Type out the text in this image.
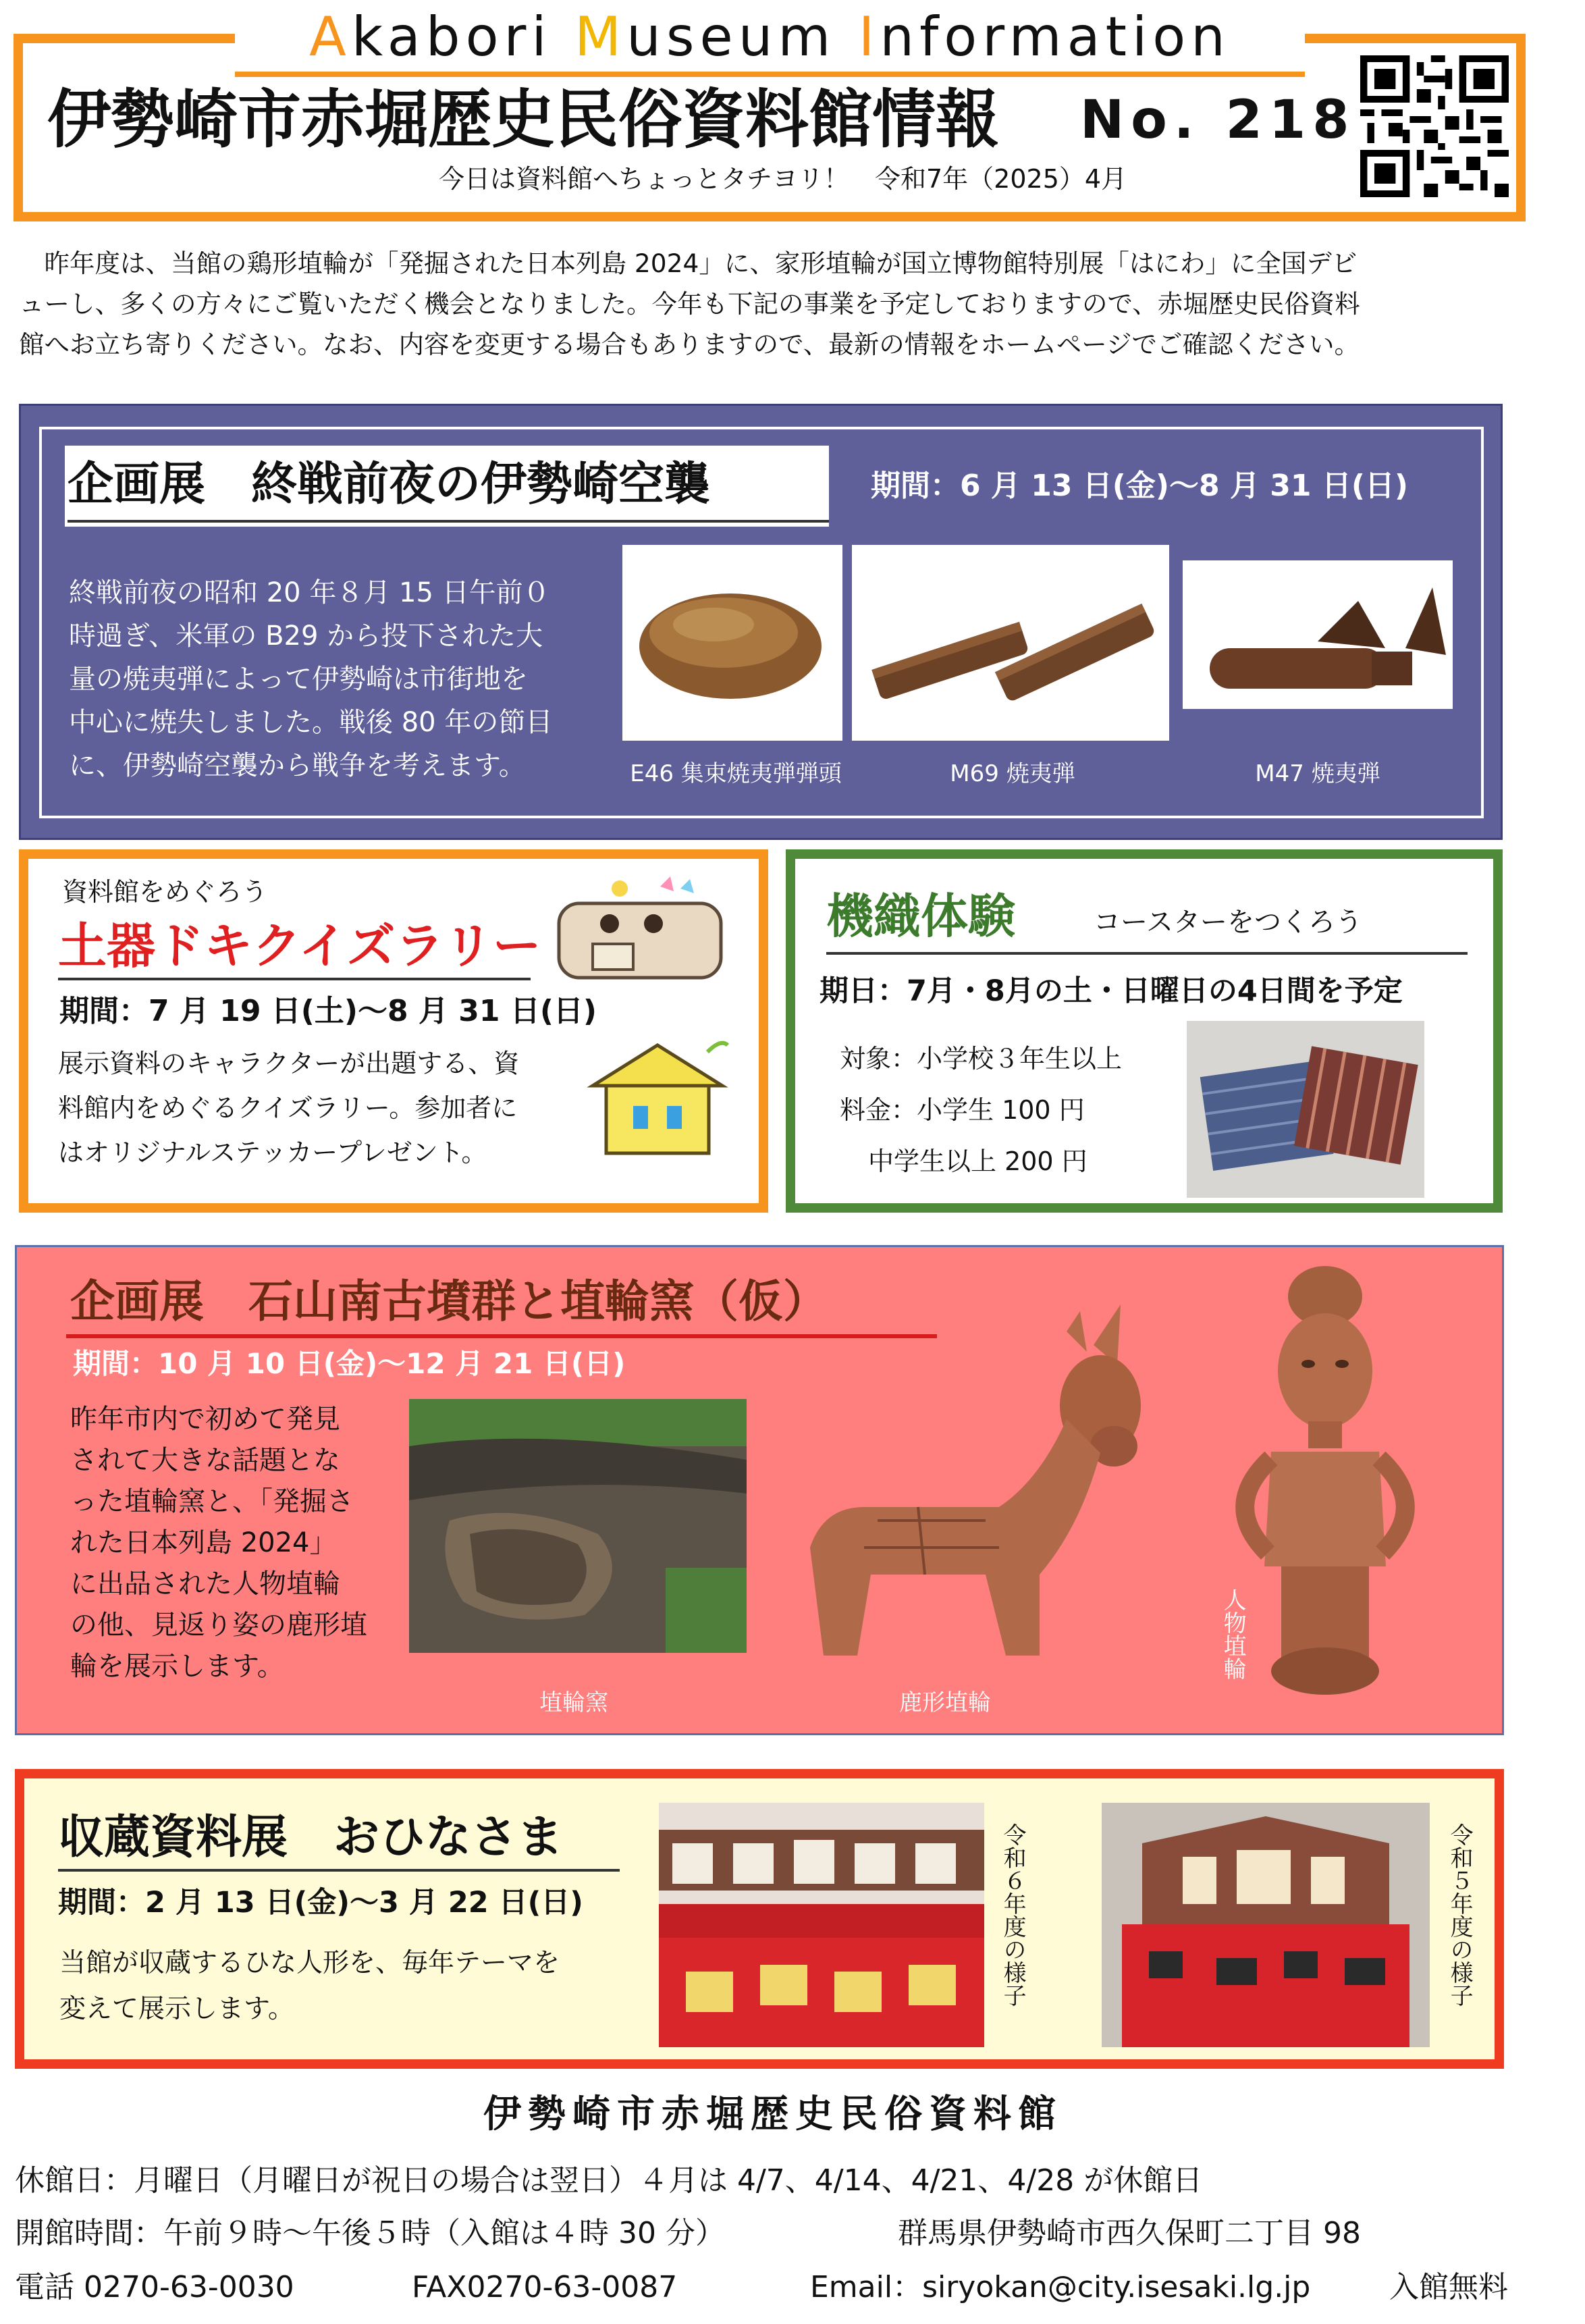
Akabori Museum Information
伊勢崎市赤堀歴史民俗資料館情報 No. 218
今日は資料館へちょっとタチヨリ！　令和7年（2025）4月
　昨年度は、当館の鶏形埴輪が「発掘された日本列島 2024」に、家形埴輪が国立博物館特別展「はにわ」に全国デビ
ューし、多くの方々にご覧いただく機会となりました。今年も下記の事業を予定しておりますので、赤堀歴史民俗資料
館へお立ち寄りください。なお、内容を変更する場合もありますので、最新の情報をホームページでご確認ください。
企画展　終戦前夜の伊勢崎空襲	期間：6 月 13 日(金)～8 月 31 日(日)
終戦前夜の昭和 20 年８月 15 日午前０
時過ぎ、米軍の B29 から投下された大
量の焼夷弾によって伊勢崎は市街地を
中心に焼失しました。戦後 80 年の節目
に、伊勢崎空襲から戦争を考えます。	E46 集束焼夷弾弾頭	M69 焼夷弾	M47 焼夷弾
資料館をめぐろう
土器ドキクイズラリー
期間：7 月 19 日(土)～8 月 31 日(日)
展示資料のキャラクターが出題する、資
料館内をめぐるクイズラリー。参加者に
はオリジナルステッカープレゼント。
機織体験	コースターをつくろう
期日：7月・8月の土・日曜日の4日間を予定
対象：小学校３年生以上
料金：小学生 100 円
中学生以上 200 円
企画展　石山南古墳群と埴輪窯（仮）
期間：10 月 10 日(金)～12 月 21 日(日)
昨年市内で初めて発見
されて大きな話題とな
った埴輪窯と、「発掘さ
れた日本列島 2024」
に出品された人物埴輪
の他、見返り姿の鹿形埴
輪を展示します。
埴輪窯	鹿形埴輪
人物埴輪
収蔵資料展　おひなさま
期間：2 月 13 日(金)～3 月 22 日(日)
当館が収蔵するひな人形を、毎年テーマを
変えて展示します。
令和６年度の様子	令和５年度の様子
伊勢崎市赤堀歴史民俗資料館
休館日：月曜日（月曜日が祝日の場合は翌日）４月は 4/7、4/14、4/21、4/28 が休館日
開館時間：午前９時～午後５時（入館は４時 30 分）	群馬県伊勢崎市西久保町二丁目 98
電話 0270-63-0030	FAX0270-63-0087	Email：siryokan@city.isesaki.lg.jp	入館無料
